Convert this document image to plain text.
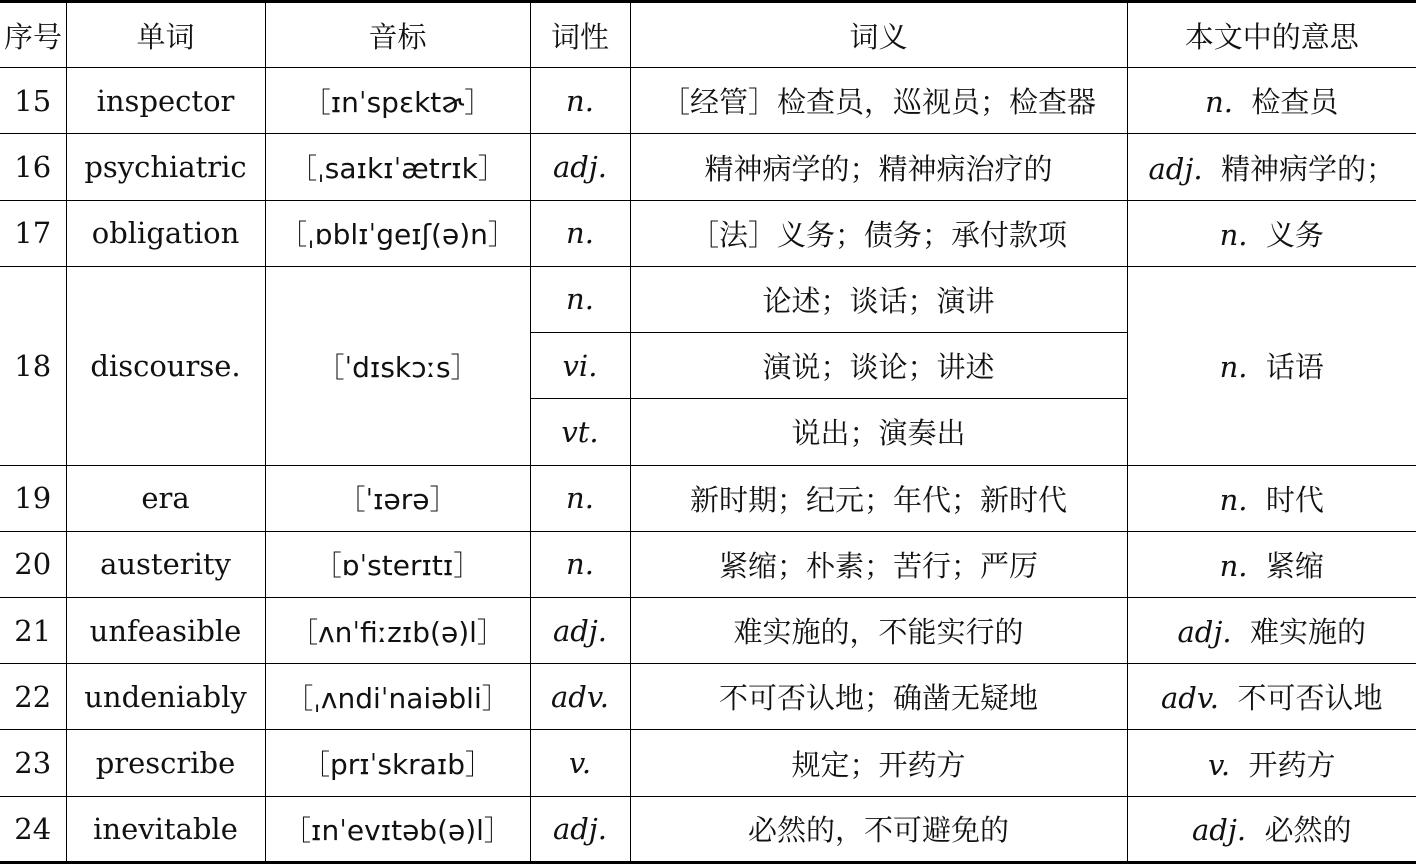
序号	单词	音标	词性	词义	本文中的意思
15	inspector	［ɪnˈspɛktɚ］	n.	［经管］检查员，巡视员；检查器	n. 检查员
16	psychiatric	［ˌsaɪkɪˈætrɪk］	adj.	精神病学的；精神病治疗的	adj. 精神病学的；
17	obligation	［ˌɒblɪˈgeɪʃ(ə)n］	n.	［法］义务；债务；承付款项	n. 义务
18	discourse.	［ˈdɪskɔːs］	n.	论述；谈话；演讲	n. 话语
			vi.	演说；谈论；讲述	
			vt.	说出；演奏出	
19	era	［ˈɪərə］	n.	新时期；纪元；年代；新时代	n. 时代
20	austerity	［ɒˈsterɪtɪ］	n.	紧缩；朴素；苦行；严厉	n. 紧缩
21	unfeasible	［ʌnˈfiːzɪb(ə)l］	adj.	难实施的，不能实行的	adj. 难实施的
22	undeniably	［ˌʌndiˈnaiəbli］	adv.	不可否认地；确凿无疑地	adv. 不可否认地
23	prescribe	［prɪˈskraɪb］	v.	规定；开药方	v. 开药方
24	inevitable	［ɪnˈevɪtəb(ə)l］	adj.	必然的，不可避免的	adj. 必然的
